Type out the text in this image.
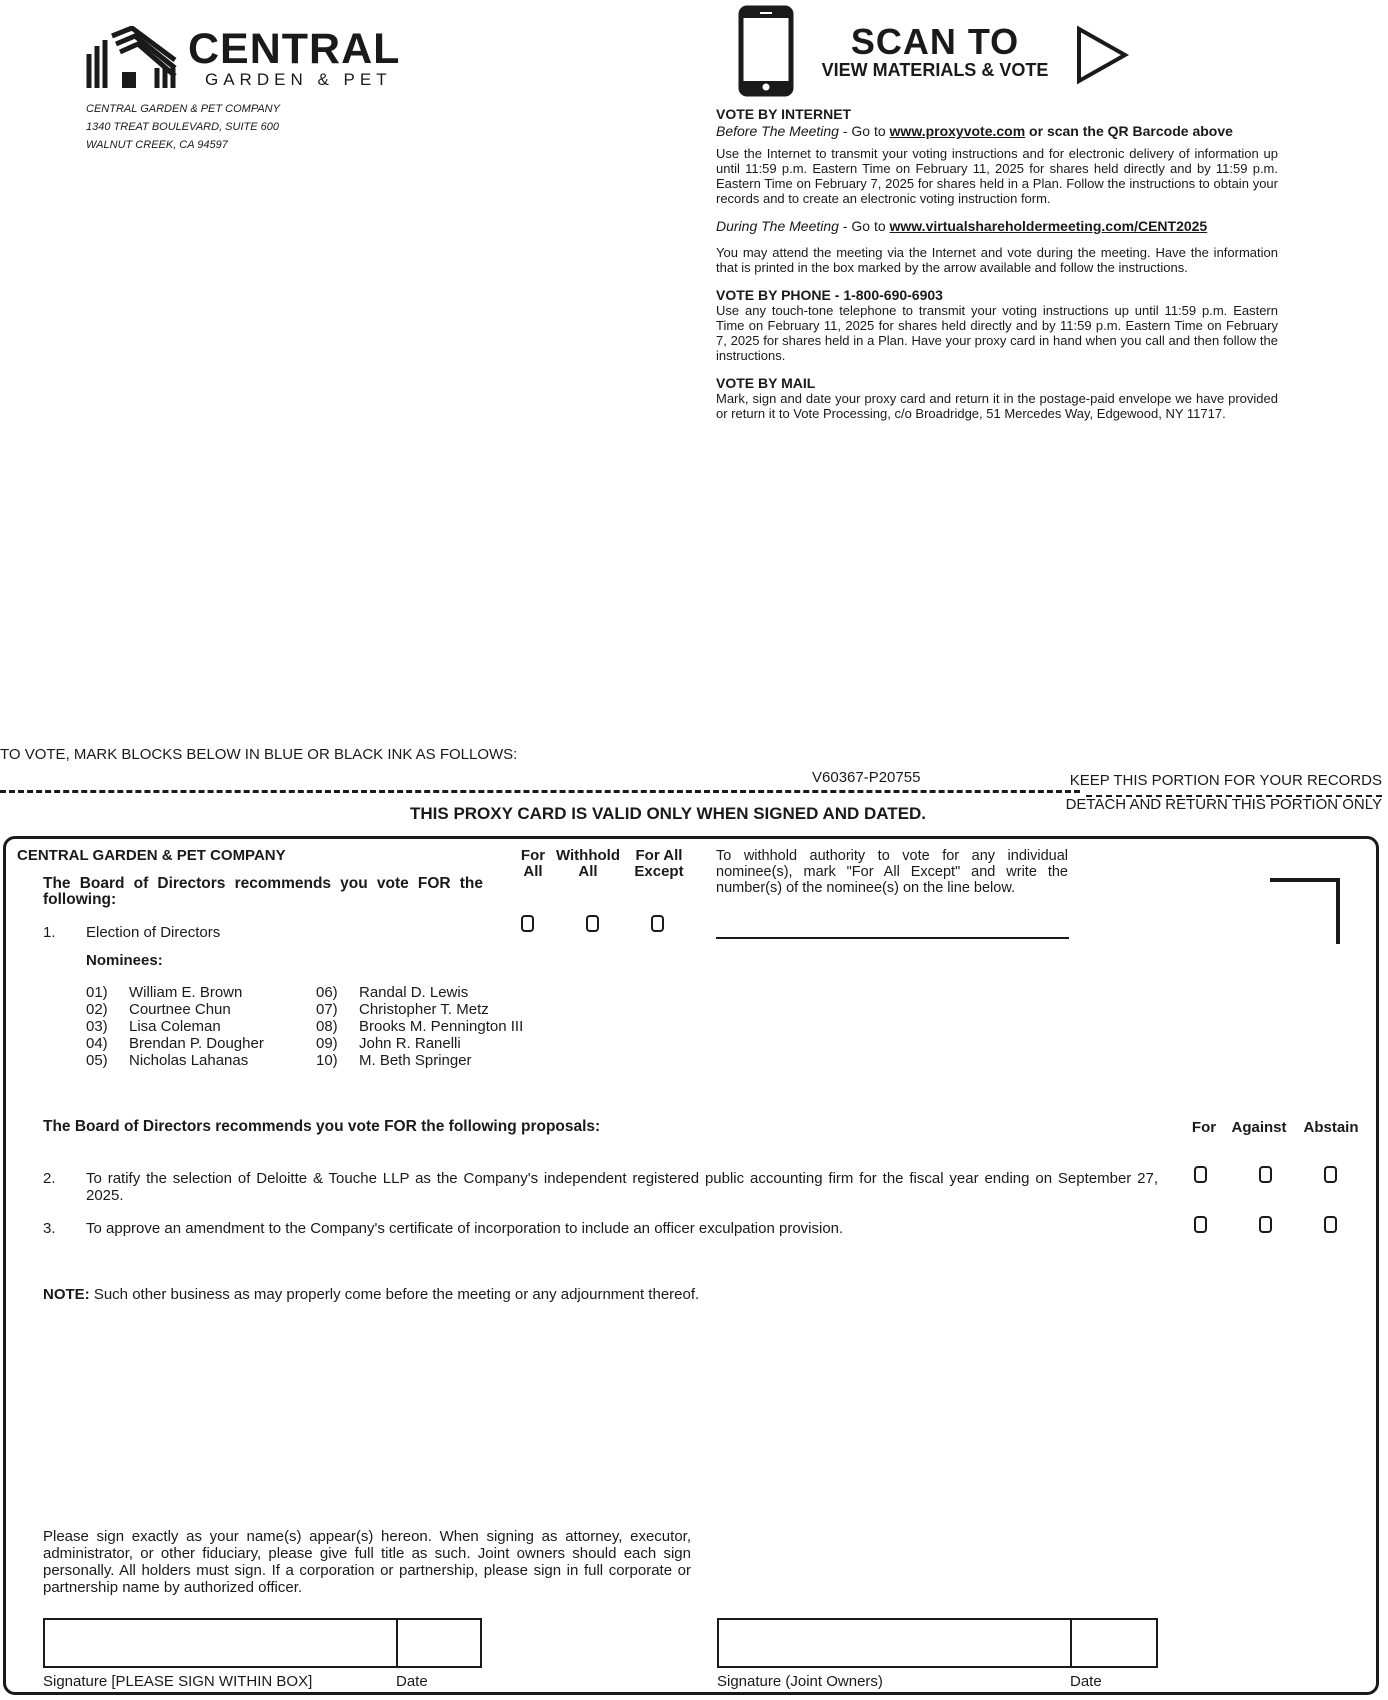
CENTRAL
GARDEN & PET
CENTRAL GARDEN & PET COMPANY
1340 TREAT BOULEVARD, SUITE 600
WALNUT CREEK, CA 94597
SCAN TO
VIEW MATERIALS & VOTE
VOTE BY INTERNET
Before The Meeting - Go to www.proxyvote.com or scan the QR Barcode above
Use the Internet to transmit your voting instructions and for electronic delivery of information up until 11:59 p.m. Eastern Time on February 11, 2025 for shares held directly and by 11:59 p.m. Eastern Time on February 7, 2025 for shares held in a Plan. Follow the instructions to obtain your records and to create an electronic voting instruction form.
During The Meeting - Go to www.virtualshareholdermeeting.com/CENT2025
You may attend the meeting via the Internet and vote during the meeting. Have the information that is printed in the box marked by the arrow available and follow the instructions.
VOTE BY PHONE - 1-800-690-6903
Use any touch-tone telephone to transmit your voting instructions up until 11:59 p.m. Eastern Time on February 11, 2025 for shares held directly and by 11:59 p.m. Eastern Time on February 7, 2025 for shares held in a Plan. Have your proxy card in hand when you call and then follow the instructions.
VOTE BY MAIL
Mark, sign and date your proxy card and return it in the postage-paid envelope we have provided or return it to Vote Processing, c/o Broadridge, 51 Mercedes Way, Edgewood, NY 11717.
TO VOTE, MARK BLOCKS BELOW IN BLUE OR BLACK INK AS FOLLOWS:
V60367-P20755	KEEP THIS PORTION FOR YOUR RECORDS
DETACH AND RETURN THIS PORTION ONLY
THIS PROXY CARD IS VALID ONLY WHEN SIGNED AND DATED.
CENTRAL GARDEN & PET COMPANY
The Board of Directors recommends you vote FOR the following:
For
All
Withhold
All
For All
Except
To withhold authority to vote for any individual nominee(s), mark "For All Except" and write the number(s) of the nominee(s) on the line below.
1. Election of Directors
Nominees:
01) William E. Brown
02) Courtnee Chun
03) Lisa Coleman
04) Brendan P. Dougher
05) Nicholas Lahanas
06) Randal D. Lewis
07) Christopher T. Metz
08) Brooks M. Pennington III
09) John R. Ranelli
10) M. Beth Springer
The Board of Directors recommends you vote FOR the following proposals:	For	Against	Abstain
2. To ratify the selection of Deloitte & Touche LLP as the Company's independent registered public accounting firm for the fiscal year ending on September 27, 2025.
3. To approve an amendment to the Company's certificate of incorporation to include an officer exculpation provision.
NOTE: Such other business as may properly come before the meeting or any adjournment thereof.
Please sign exactly as your name(s) appear(s) hereon. When signing as attorney, executor, administrator, or other fiduciary, please give full title as such. Joint owners should each sign personally. All holders must sign. If a corporation or partnership, please sign in full corporate or partnership name by authorized officer.
Signature [PLEASE SIGN WITHIN BOX]	Date	Signature (Joint Owners)	Date
